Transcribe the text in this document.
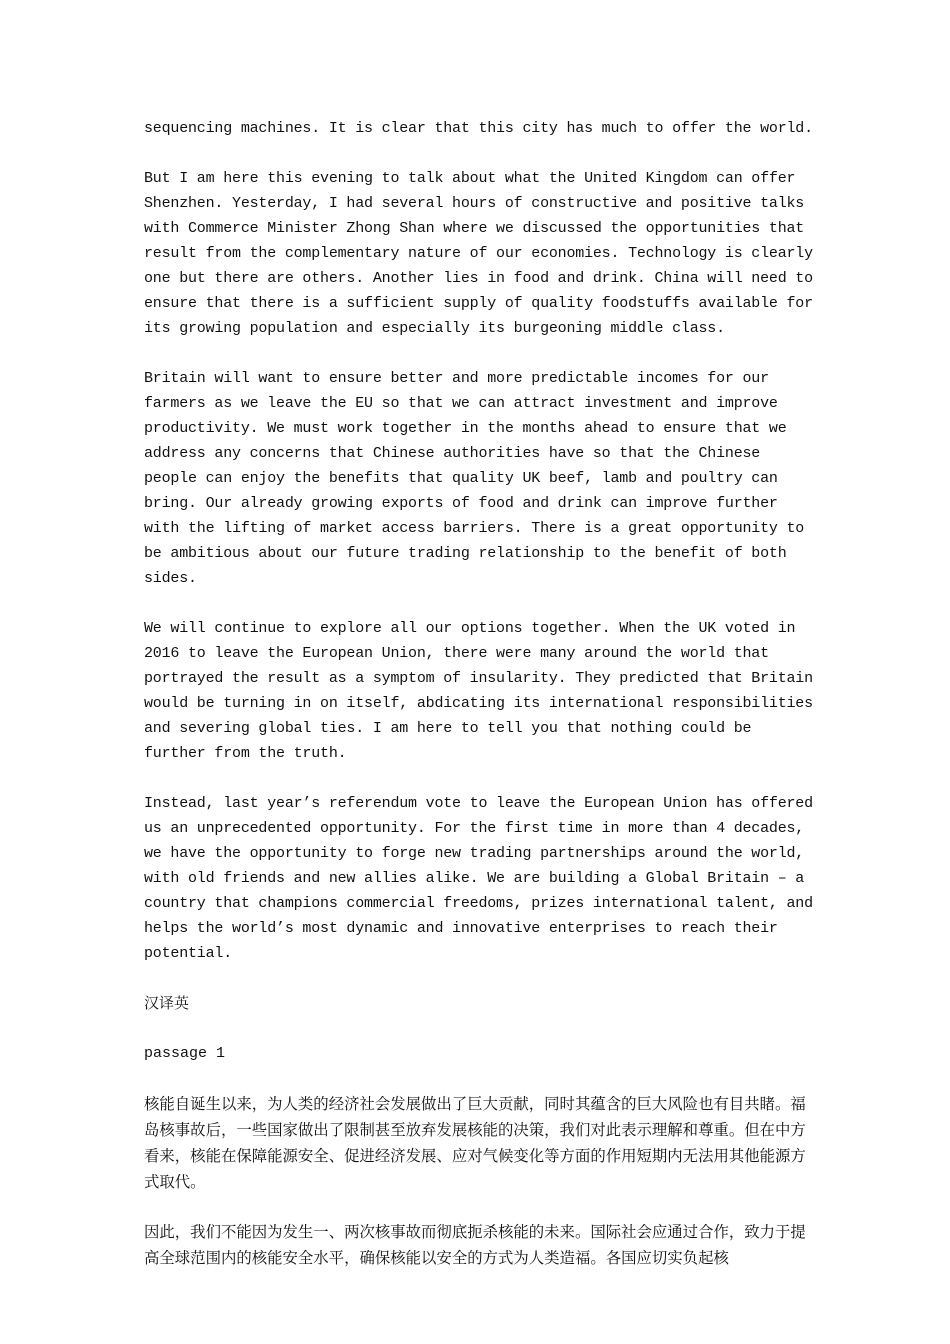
sequencing machines. It is clear that this city has much to offer the world.

But I am here this evening to talk about what the United Kingdom can offer Shenzhen. Yesterday, I had several hours of constructive and positive talks with Commerce Minister Zhong Shan where we discussed the opportunities that result from the complementary nature of our economies. Technology is clearly one but there are others. Another lies in food and drink. China will need to ensure that there is a sufficient supply of quality foodstuffs available for its growing population and especially its burgeoning middle class.

Britain will want to ensure better and more predictable incomes for our farmers as we leave the EU so that we can attract investment and improve productivity. We must work together in the months ahead to ensure that we address any concerns that Chinese authorities have so that the Chinese people can enjoy the benefits that quality UK beef, lamb and poultry can bring. Our already growing exports of food and drink can improve further with the lifting of market access barriers. There is a great opportunity to be ambitious about our future trading relationship to the benefit of both sides.

We will continue to explore all our options together. When the UK voted in 2016 to leave the European Union, there were many around the world that portrayed the result as a symptom of insularity. They predicted that Britain would be turning in on itself, abdicating its international responsibilities and severing global ties. I am here to tell you that nothing could be further from the truth.

Instead, last year’s referendum vote to leave the European Union has offered us an unprecedented opportunity. For the first time in more than 4 decades, we have the opportunity to forge new trading partnerships around the world, with old friends and new allies alike. We are building a Global Britain – a country that champions commercial freedoms, prizes international talent, and helps the world’s most dynamic and innovative enterprises to reach their potential.

汉译英

passage 1

核能自诞生以来，为人类的经济社会发展做出了巨大贡献，同时其蕴含的巨大风险也有目共睹。福岛核事故后，一些国家做出了限制甚至放弃发展核能的决策，我们对此表示理解和尊重。但在中方看来，核能在保障能源安全、促进经济发展、应对气候变化等方面的作用短期内无法用其他能源方式取代。

因此，我们不能因为发生一、两次核事故而彻底扼杀核能的未来。国际社会应通过合作，致力于提高全球范围内的核能安全水平，确保核能以安全的方式为人类造福。各国应切实负起核
